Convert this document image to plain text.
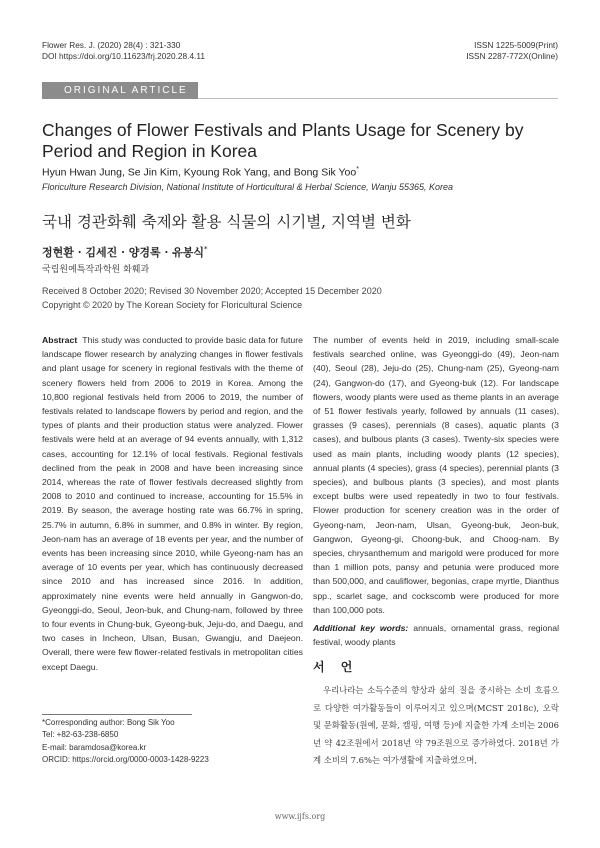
Flower Res. J. (2020) 28(4) : 321-330
DOI https://doi.org/10.11623/frj.2020.28.4.11
ISSN 1225-5009(Print)
ISSN 2287-772X(Online)
ORIGINAL ARTICLE
Changes of Flower Festivals and Plants Usage for Scenery by Period and Region in Korea
Hyun Hwan Jung, Se Jin Kim, Kyoung Rok Yang, and Bong Sik Yoo*
Floriculture Research Division, National Institute of Horticultural & Herbal Science, Wanju 55365, Korea
국내 경관화훼 축제와 활용 식물의 시기별, 지역별 변화
정현환 · 김세진 · 양경록 · 유봉식*
국립원예특작과학원 화훼과
Received 8 October 2020; Revised 30 November 2020; Accepted 15 December 2020
Copyright © 2020 by The Korean Society for Floricultural Science
Abstract This study was conducted to provide basic data for future landscape flower research by analyzing changes in flower festivals and plant usage for scenery in regional festivals with the theme of scenery flowers held from 2006 to 2019 in Korea. Among the 10,800 regional festivals held from 2006 to 2019, the number of festivals related to landscape flowers by period and region, and the types of plants and their production status were analyzed. Flower festivals were held at an average of 94 events annually, with 1,312 cases, accounting for 12.1% of local festivals. Regional festivals declined from the peak in 2008 and have been increasing since 2014, whereas the rate of flower festivals decreased slightly from 2008 to 2010 and continued to increase, accounting for 15.5% in 2019. By season, the average hosting rate was 66.7% in spring, 25.7% in autumn, 6.8% in summer, and 0.8% in winter. By region, Jeon-nam has an average of 18 events per year, and the number of events has been increasing since 2010, while Gyeong-nam has an average of 10 events per year, which has continuously decreased since 2010 and has increased since 2016. In addition, approximately nine events were held annually in Gangwon-do, Gyeonggi-do, Seoul, Jeon-buk, and Chung-nam, followed by three to four events in Chung-buk, Gyeong-buk, Jeju-do, and Daegu, and two cases in Incheon, Ulsan, Busan, Gwangju, and Daejeon. Overall, there were few flower-related festivals in metropolitan cities except Daegu.
The number of events held in 2019, including small-scale festivals searched online, was Gyeonggi-do (49), Jeon-nam (40), Seoul (28), Jeju-do (25), Chung-nam (25), Gyeong-nam (24), Gangwon-do (17), and Gyeong-buk (12). For landscape flowers, woody plants were used as theme plants in an average of 51 flower festivals yearly, followed by annuals (11 cases), grasses (9 cases), perennials (8 cases), aquatic plants (3 cases), and bulbous plants (3 cases). Twenty-six species were used as main plants, including woody plants (12 species), annual plants (4 species), grass (4 species), perennial plants (3 species), and bulbous plants (3 species), and most plants except bulbs were used repeatedly in two to four festivals. Flower production for scenery creation was in the order of Gyeong-nam, Jeon-nam, Ulsan, Gyeong-buk, Jeon-buk, Gangwon, Gyeong-gi, Choong-buk, and Choog-nam. By species, chrysanthemum and marigold were produced for more than 1 million pots, pansy and petunia were produced more than 500,000, and cauliflower, begonias, crape myrtle, Dianthus spp., scarlet sage, and cockscomb were produced for more than 100,000 pots.
Additional key words: annuals, ornamental grass, regional festival, woody plants
서 언
우리나라는 소득수준의 향상과 삶의 질을 중시하는 소비 흐름으로 다양한 여가활동들이 이루어지고 있으며(MCST 2018c), 오락 및 문화활동(원예, 문화, 캠핑, 여행 등)에 지출한 가계 소비는 2006년 약 42조원에서 2018년 약 79조원으로 증가하였다. 2018년 가계 소비의 7.6%는 여가생활에 지출하였으며,
*Corresponding author: Bong Sik Yoo
Tel: +82-63-238-6850
E-mail: baramdosa@korea.kr
ORCID: https://orcid.org/0000-0003-1428-9223
www.ijfs.org
